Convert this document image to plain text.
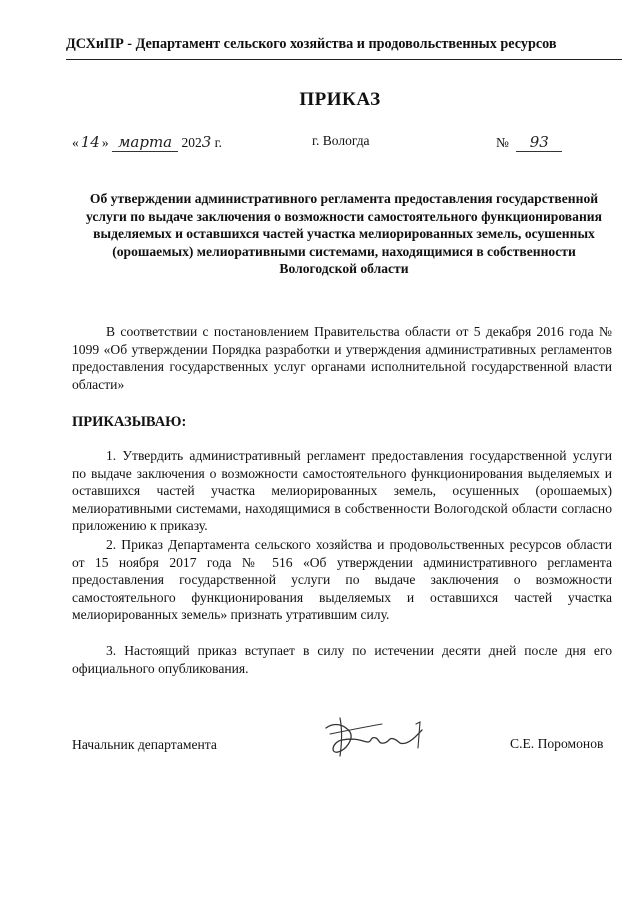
ДСХиПР - Департамент сельского хозяйства и продовольственных ресурсов
ПРИКАЗ
« 14 » марта 2023 г.	г. Вологда	№ 93
Об утверждении административного регламента предоставления государственной услуги по выдаче заключения о возможности самостоятельного функционирования выделяемых и оставшихся частей участка мелиорированных земель, осушенных (орошаемых) мелиоративными системами, находящимися в собственности Вологодской области
В соответствии с постановлением Правительства области от 5 декабря 2016 года № 1099 «Об утверждении Порядка разработки и утверждения административных регламентов предоставления государственных услуг органами исполнительной государственной власти области»
ПРИКАЗЫВАЮ:
1. Утвердить административный регламент предоставления государственной услуги по выдаче заключения о возможности самостоятельного функционирования выделяемых и оставшихся частей участка мелиорированных земель, осушенных (орошаемых) мелиоративными системами, находящимися в собственности Вологодской области согласно приложению к приказу.
2. Приказ Департамента сельского хозяйства и продовольственных ресурсов области от 15 ноября 2017 года № 516 «Об утверждении административного регламента предоставления государственной услуги по выдаче заключения о возможности самостоятельного функционирования выделяемых и оставшихся частей участка мелиорированных земель» признать утратившим силу.
3. Настоящий приказ вступает в силу по истечении десяти дней после дня его официального опубликования.
Начальник департамента	С.Е. Поромонов
